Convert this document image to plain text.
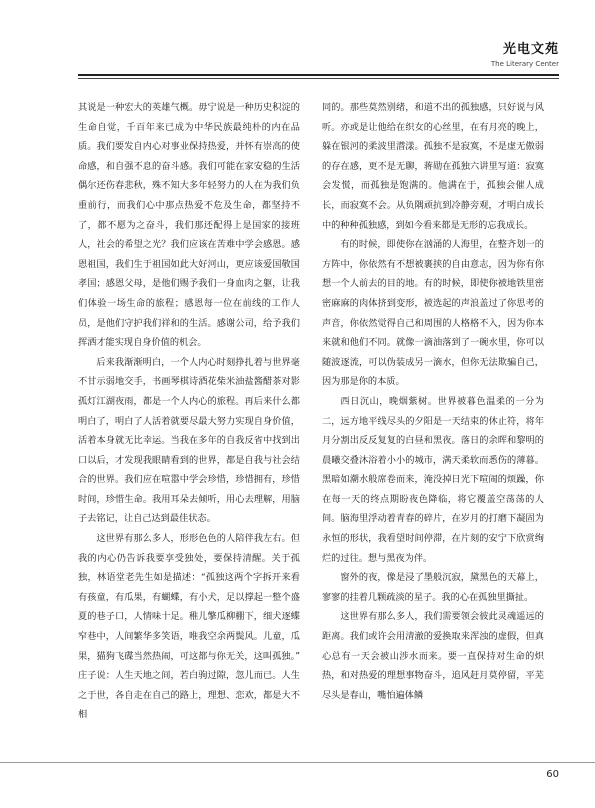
光电文苑
The Literary Center

其说是一种宏大的英雄气概。毋宁说是一种历史积淀的生命自觉，千百年来已成为中华民族最纯朴的内在品质。我们要发自内心对事业保持热爱，并怀有崇高的使命感，和自强不息的奋斗感。我们可能在家安稳的生活偶尔还伤春悲秋，殊不知大多年轻努力的人在为我们负重前行，而我们心中那点热爱不危及生命，都坚持不了，都不愿为之奋斗，我们那还配得上是国家的接班人，社会的希望之光？我们应该在苦难中学会感恩。感恩祖国，我们生于祖国如此大好河山，更应该爱国敬国孝国；感恩父母，是他们赐予我们一身血肉之躯，让我们体验一场生命的旅程；感恩每一位在前线的工作人员，是他们守护我们祥和的生活。感谢公司，给予我们挥洒才能实现自身价值的机会。

后来我渐渐明白，一个人内心时刻挣扎着与世界毫不甘示弱地交手，书画琴棋诗酒花柴米油盐酱醋茶对影孤灯江湖夜雨，都是一个人内心的旅程。再后来什么都明白了，明白了人活着就要尽最大努力实现自身价值，活着本身就无比幸运。当我在多年的自我反省中找到出口以后，才发现我眼睛看到的世界，都是自我与社会结合的世界。我们应在喧嚣中学会珍惜，珍惜拥有，珍惜时间，珍惜生命。我用耳朵去倾听，用心去理解，用脑子去铭记，让自己达到最佳状态。

这世界有那么多人，形形色色的人陪伴我左右。但我的内心仍告诉我要享受独处，要保持清醒。关于孤独，林语堂老先生如是描述：“孤独这两个字拆开来看有孩童，有瓜果，有蝴蝶，有小犬，足以撑起一整个盛夏的巷子口，人情味十足。稚儿擎瓜柳棚下，细犬逐蝶窄巷中，人间繁华多笑语，唯我空余两鬓风。儿童，瓜果，猫狗飞碟当然热闹，可这都与你无关，这叫孤独。” 庄子说：人生天地之间，若白驹过隙，忽儿而已。人生之于世，各自走在自己的路上，理想、恋欢，都是大不相

同的。那些莫然别绪，和道不出的孤独感，只好说与风听。亦或是让他给在织女的心丝里，在有月亮的晚上，躲在银河的柔波里潜漾。孤独不是寂寞，不是虚无傲弱的存在感，更不是无聊，蒋勋在孤独六讲里写道：寂寞会发慌，而孤独是饱满的。他满在于，孤独会催人成长，而寂寞不会。从负隅顽抗到冷静旁观，才明白成长中的种种孤独感，到如今看来都是无形的忘我成长。

有的时候，即使你在汹涌的人海里，在整齐划一的方阵中，你依然有不想被裹挟的自由意志，因为你有你想一个人前去的目的地。有的时候，即使你被地铁里密密麻麻的肉体挤到变形，被选起的声浪盖过了你思考的声音，你依然觉得自己和周围的人格格不入，因为你本来就和他们不同。就像一滴油落到了一碗水里，你可以随波逐流，可以伪装成另一滴水，但你无法欺骗自己，因为那是你的本质。

西日沉山，晚烟紫树。世界被暮色温柔的一分为二，远方地平线尽头的夕阳是一天结束的休止符，将年月分割出反反复复的白昼和黑夜。落日的余晖和黎明的晨曦交叠沐浴着小小的城市，满天柔软而悉伤的薄暮。黑暗如潮水般席卷而来，淹没掉日光下喧闹的烦躁，你在每一天的终点期盼夜色降临，将它覆盖空荡荡的人间。脑海里浮动着青春的碎片，在岁月的打磨下凝固为永恒的形状，我看望时间停滞，在片刻的安宁下欣赏绚烂的过往。想与黑夜为伴。

窗外的夜，像是浸了墨般沉寂，黛黑色的天幕上，寥寥的挂着几颗疏淡的星子。我的心在孤独里撕扯。

这世界有那么多人，我们需要领会彼此灵魂遥远的距离。我们或许会用清澈的爱换取来浑浊的虚假，但真心总有一天会被山涉水而来。要一直保持对生命的炽热，和对热爱的理想事物奋斗，追风赶月莫停留，平芜尽头是春山，嘴怕遍体鳞

60
